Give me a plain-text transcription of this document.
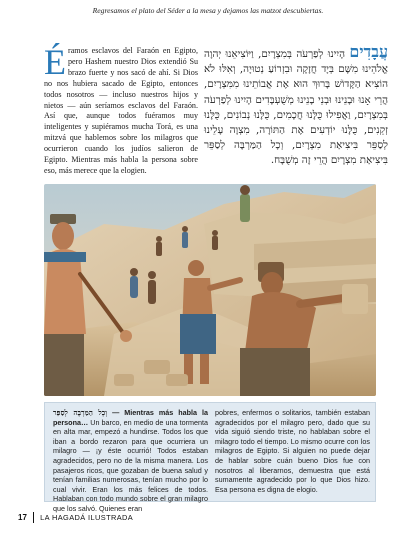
Regresamos el plato del Séder a la mesa y dejamos las matzot descubiertas.
É ramos esclavos del Faraón en Egipto, pero Hashem nuestro Dios extendió Su brazo fuerte y nos sacó de ahí. Si Dios no nos hubiera sacado de Egipto, entonces todos nosotros — incluso nuestros hijos y nietos — aún seríamos esclavos del Faraón. Así que, aunque todos fuéramos muy inteligentes y supiéramos mucha Torá, es una mitzvá que hablemos sobre los milagros que ocurrieron cuando los judíos salieron de Egipto. Mientras más habla la persona sobre eso, más merece que la elogien.
עֲבָדִים הָיִינוּ לְפַרְעֹה בְּמִצְרָיִם, וַיּוֹצִיאֵנוּ יְהוָה אֱלֹהֵינוּ מִשָּׁם בְּיָד חֲזָקָה וּבִזְרוֹעַ נְטוּיָה, וְאִלּוּ לֹא הוֹצִיא הַקָּדוֹשׁ בָּרוּךְ הוּא אֶת אֲבוֹתֵינוּ מִמִּצְרָיִם, הֲרֵי אָנוּ וּבָנֵינוּ וּבְנֵי בָנֵינוּ מְשֻׁעְבָּדִים הָיִינוּ לְפַרְעֹה בְּמִצְרָיִם, וַאֲפִילוּ כֻּלָּנוּ חֲכָמִים, כֻּלָּנוּ נְבוֹנִים, כֻּלָּנוּ זְקֵנִים, כֻּלָּנוּ יוֹדְעִים אֶת הַתּוֹרָה, מִצְוָה עָלֵינוּ לְסַפֵּר בִּיצִיאַת מִצְרָיִם, וְכָל הַמַּרְבֶּה לְסַפֵּר בִּיצִיאַת מִצְרָיִם הֲרֵי זֶה מְשֻׁבָּח.
וְכָל הַמַּרְבֶּה לְסַפֵּר — Mientras más habla la persona… Un barco, en medio de una tormenta en alta mar, empezó a hundirse. Todos los que iban a bordo rezaron para que ocurriera un milagro — ¡y éste ocurrió! Todos estaban agradecidos, pero no de la misma manera. Los pasajeros ricos, que gozaban de buena salud y tenían familias numerosas, tenían mucho por lo cual vivir. Eran los más felices de todos. Hablaban con todo mundo sobre el gran milagro que los salvó. Quienes eran
pobres, enfermos o solitarios, también estaban agradecidos por el milagro pero, dado que su vida siguió siendo triste, no hablaban sobre el milagro todo el tiempo. Lo mismo ocurre con los milagros de Egipto. Si alguien no puede dejar de hablar sobre cuán bueno Dios fue con nosotros al liberarnos, demuestra que está sumamente agradecido por lo que Dios hizo. Esa persona es digna de elogio.
17 LA HAGADÁ ILUSTRADA
